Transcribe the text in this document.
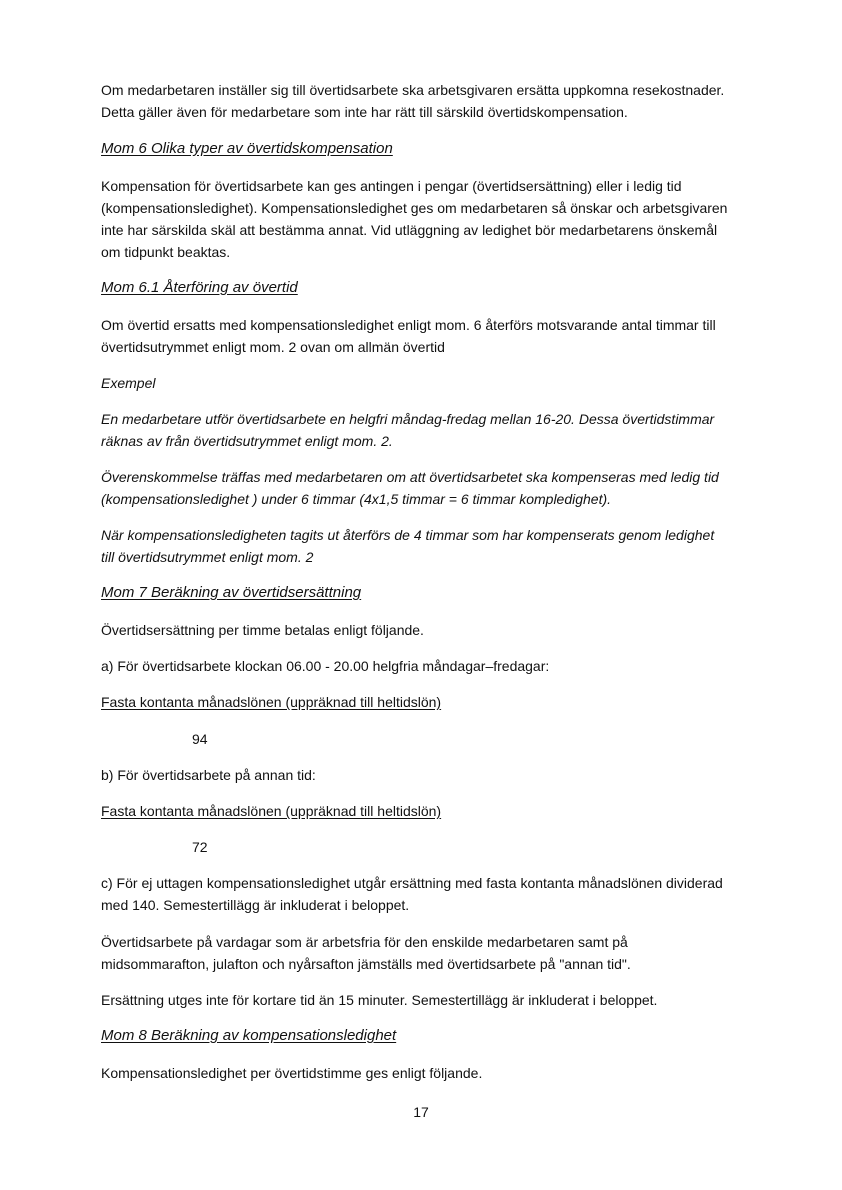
Om medarbetaren inställer sig till övertidsarbete ska arbetsgivaren ersätta uppkomna resekostnader.

Detta gäller även för medarbetare som inte har rätt till särskild övertidskompensation.

Mom 6 Olika typer av övertidskompensation

Kompensation för övertidsarbete kan ges antingen i pengar (övertidsersättning) eller i ledig tid

(kompensationsledighet). Kompensationsledighet ges om medarbetaren så önskar och arbetsgivaren

inte har särskilda skäl att bestämma annat. Vid utläggning av ledighet bör medarbetarens önskemål

om tidpunkt beaktas.

Mom 6.1 Återföring av övertid

Om övertid ersatts med kompensationsledighet enligt mom. 6 återförs motsvarande antal timmar till

övertidsutrymmet enligt mom. 2 ovan om allmän övertid

Exempel

En medarbetare utför övertidsarbete en helgfri måndag-fredag mellan 16-20. Dessa övertidstimmar

räknas av från övertidsutrymmet enligt mom. 2.

Överenskommelse träffas med medarbetaren om att övertidsarbetet ska kompenseras med ledig tid

(kompensationsledighet ) under 6 timmar (4x1,5 timmar = 6 timmar kompledighet).

När kompensationsledigheten tagits ut återförs de 4 timmar som har kompenserats genom ledighet

till övertidsutrymmet enligt mom. 2

Mom 7 Beräkning av övertidsersättning

Övertidsersättning per timme betalas enligt följande.

a) För övertidsarbete klockan 06.00 - 20.00 helgfria måndagar–fredagar:

Fasta kontanta månadslönen (uppräknad till heltidslön)

94

b) För övertidsarbete på annan tid:

Fasta kontanta månadslönen (uppräknad till heltidslön)

72

c) För ej uttagen kompensationsledighet utgår ersättning med fasta kontanta månadslönen dividerad

med 140. Semestertillägg är inkluderat i beloppet.

Övertidsarbete på vardagar som är arbetsfria för den enskilde medarbetaren samt på

midsommarafton, julafton och nyårsafton jämställs med övertidsarbete på "annan tid".

Ersättning utges inte för kortare tid än 15 minuter. Semestertillägg är inkluderat i beloppet.

Mom 8 Beräkning av kompensationsledighet

Kompensationsledighet per övertidstimme ges enligt följande.

17
